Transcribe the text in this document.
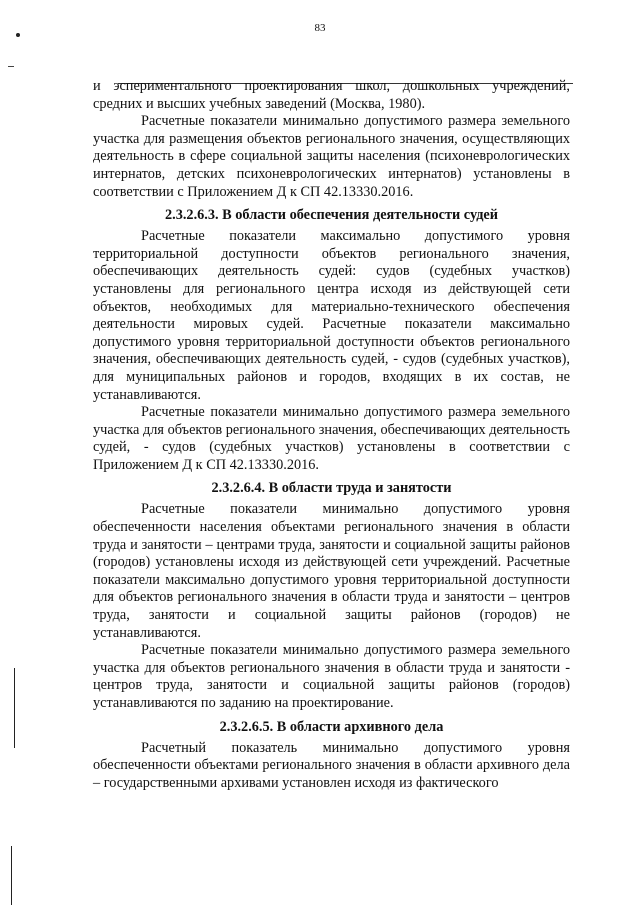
83

и эспериментального проектирования школ, дошкольных учреждений, средних и высших учебных заведений (Москва, 1980).

Расчетные показатели минимально допустимого размера земельного участка для размещения объектов регионального значения, осуществляющих деятельность в сфере социальной защиты населения (психоневрологических интернатов, детских психоневрологических интернатов) установлены в соответствии с Приложением Д к СП 42.13330.2016.

2.3.2.6.3. В области обеспечения деятельности судей

Расчетные показатели максимально допустимого уровня территориальной доступности объектов регионального значения, обеспечивающих деятельность судей: судов (судебных участков) установлены для регионального центра исходя из действующей сети объектов, необходимых для материально-технического обеспечения деятельности мировых судей. Расчетные показатели максимально допустимого уровня территориальной доступности объектов регионального значения, обеспечивающих деятельность судей, - судов (судебных участков), для муниципальных районов и городов, входящих в их состав, не устанавливаются.

Расчетные показатели минимально допустимого размера земельного участка для объектов регионального значения, обеспечивающих деятельность судей, - судов (судебных участков) установлены в соответствии с Приложением Д к СП 42.13330.2016.

2.3.2.6.4. В области труда и занятости

Расчетные показатели минимально допустимого уровня обеспеченности населения объектами регионального значения в области труда и занятости – центрами труда, занятости и социальной защиты районов (городов) установлены исходя из действующей сети учреждений. Расчетные показатели максимально допустимого уровня территориальной доступности для объектов регионального значения в области труда и занятости – центров труда, занятости и социальной защиты районов (городов) не устанавливаются.

Расчетные показатели минимально допустимого размера земельного участка для объектов регионального значения в области труда и занятости - центров труда, занятости и социальной защиты районов (городов) устанавливаются по заданию на проектирование.

2.3.2.6.5. В области архивного дела

Расчетный показатель минимально допустимого уровня обеспеченности объектами регионального значения в области архивного дела – государственными архивами установлен исходя из фактического
